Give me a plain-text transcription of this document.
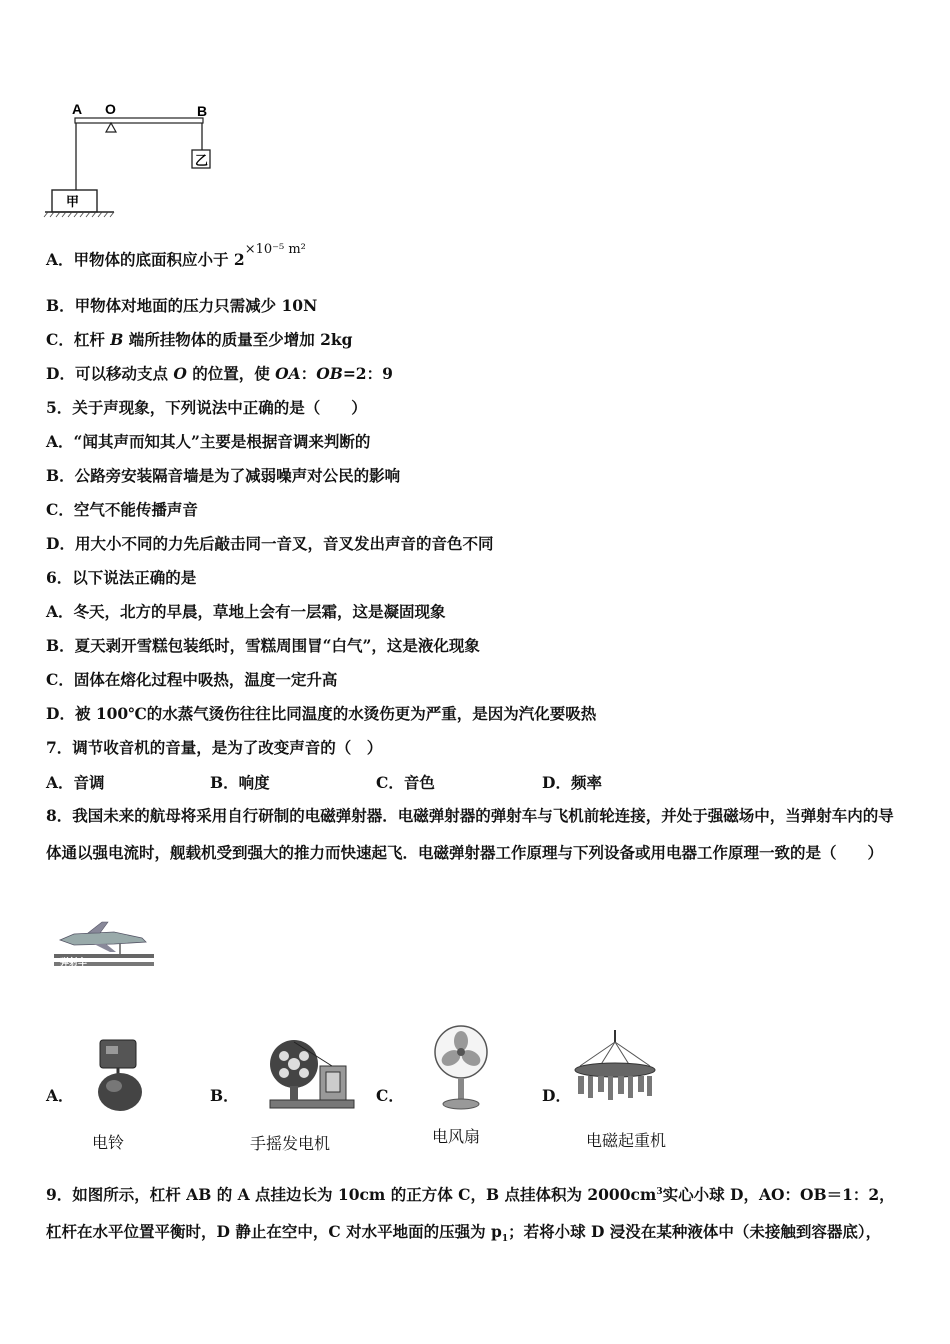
A O	B
乙
甲
A．甲物体的底面积应小于 $2^{\times 10^{-5} m^2}$
B．甲物体对地面的压力只需减少 10N
C．杠杆 B 端所挂物体的质量至少增加 2kg
D．可以移动支点 O 的位置，使 OA：OB=2：9
5．关于声现象，下列说法中正确的是（　　）
A．“闻其声而知其人”主要是根据音调来判断的
B．公路旁安装隔音墙是为了减弱噪声对公民的影响
C．空气不能传播声音
D．用大小不同的力先后敲击同一音叉，音叉发出声音的音色不同
6．以下说法正确的是
A．冬天，北方的早晨，草地上会有一层霜，这是凝固现象
B．夏天剥开雪糕包装纸时，雪糕周围冒“白气”，这是液化现象
C．固体在熔化过程中吸热，温度一定升高
D．被 100℃的水蒸气烫伤往往比同温度的水烫伤更为严重，是因为汽化要吸热
7．调节收音机的音量，是为了改变声音的（　）
A．音调	B．响度	C．音色	D．频率
8．我国未来的航母将采用自行研制的电磁弹射器．电磁弹射器的弹射车与飞机前轮连接，并处于强磁场中，当弹射车内的导体通以强电流时，舰载机受到强大的推力而快速起飞．电磁弹射器工作原理与下列设备或用电器工作原理一致的是（　　）
弹射车
A．	B．	C．	D．
电铃	手摇发电机	电风扇	电磁起重机
9．如图所示，杠杆 AB 的 A 点挂边长为 10cm 的正方体 C，B 点挂体积为 $2000cm^3$实心小球 D，AO：OB＝1：2，杠杆在水平位置平衡时，D 静止在空中，C 对水平地面的压强为 $p_1$；若将小球 D 浸没在某种液体中（未接触到容器底），
